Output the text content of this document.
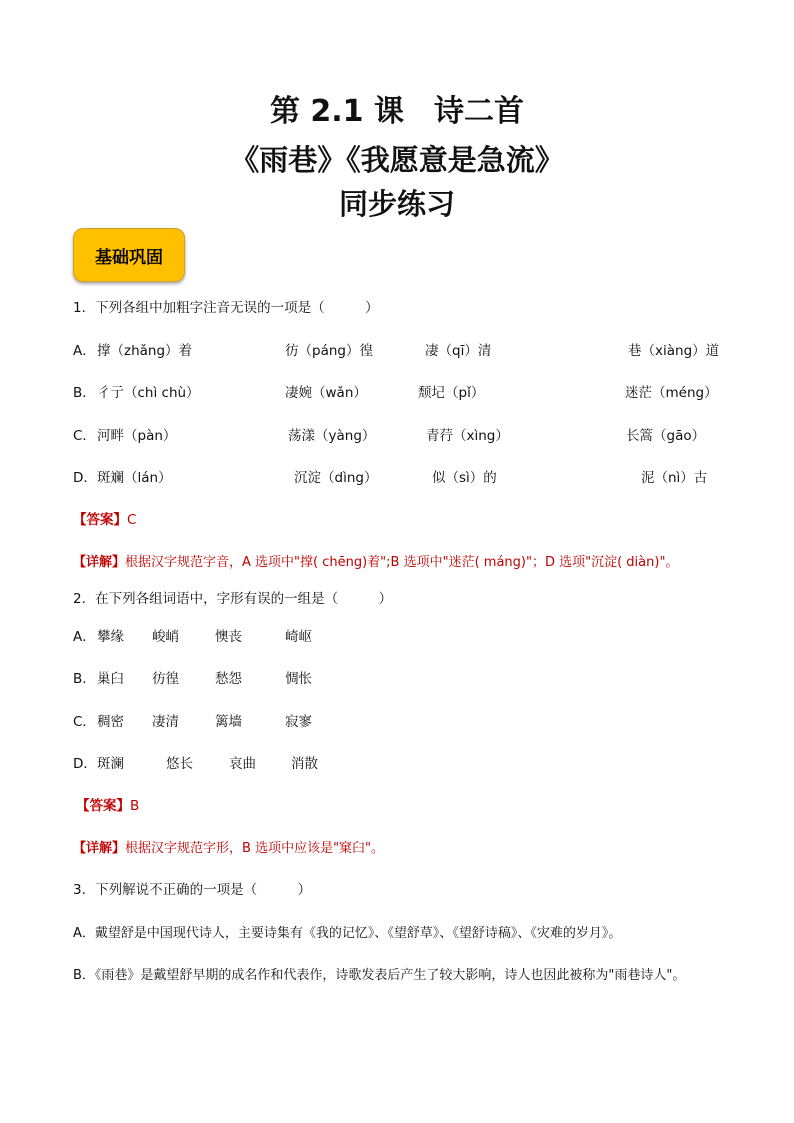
第 2.1 课　诗二首
《雨巷》《我愿意是急流》
同步练习
基础巩固
1．下列各组中加粗字注音无误的一项是（　　　）
A． 撑（zhǎng）着	彷（páng）徨	凄（qī）清	巷（xiàng）道
B． 彳亍（chì chù）	凄婉（wǎn）	颓圮（pǐ）	迷茫（méng）
C． 河畔（pàn）	荡漾（yàng）	青荇（xìng）	长篙（gāo）
D． 斑斓（lán）	沉淀（dìng）	似（sì）的	泥（nì）古
【答案】C
【详解】根据汉字规范字音，A 选项中"撑( chēng)着";B 选项中"迷茫( máng)"；D 选项"沉淀( diàn)"。
2．在下列各组词语中，字形有误的一组是（　　　）
A． 攀缘 峻峭	懊丧	崎岖
B． 巢臼 彷徨	愁怨	惆怅
C． 稠密 凄清	篱墙	寂寥
D． 斑澜	悠长	哀曲	消散
【答案】B
【详解】根据汉字规范字形，B 选项中应该是"窠臼"。
3．下列解说不正确的一项是（　　　）
A．戴望舒是中国现代诗人，主要诗集有《我的记忆》、《望舒草》、《望舒诗稿》、《灾难的岁月》。
B．《雨巷》是戴望舒早期的成名作和代表作，诗歌发表后产生了较大影响，诗人也因此被称为"雨巷诗人"。
